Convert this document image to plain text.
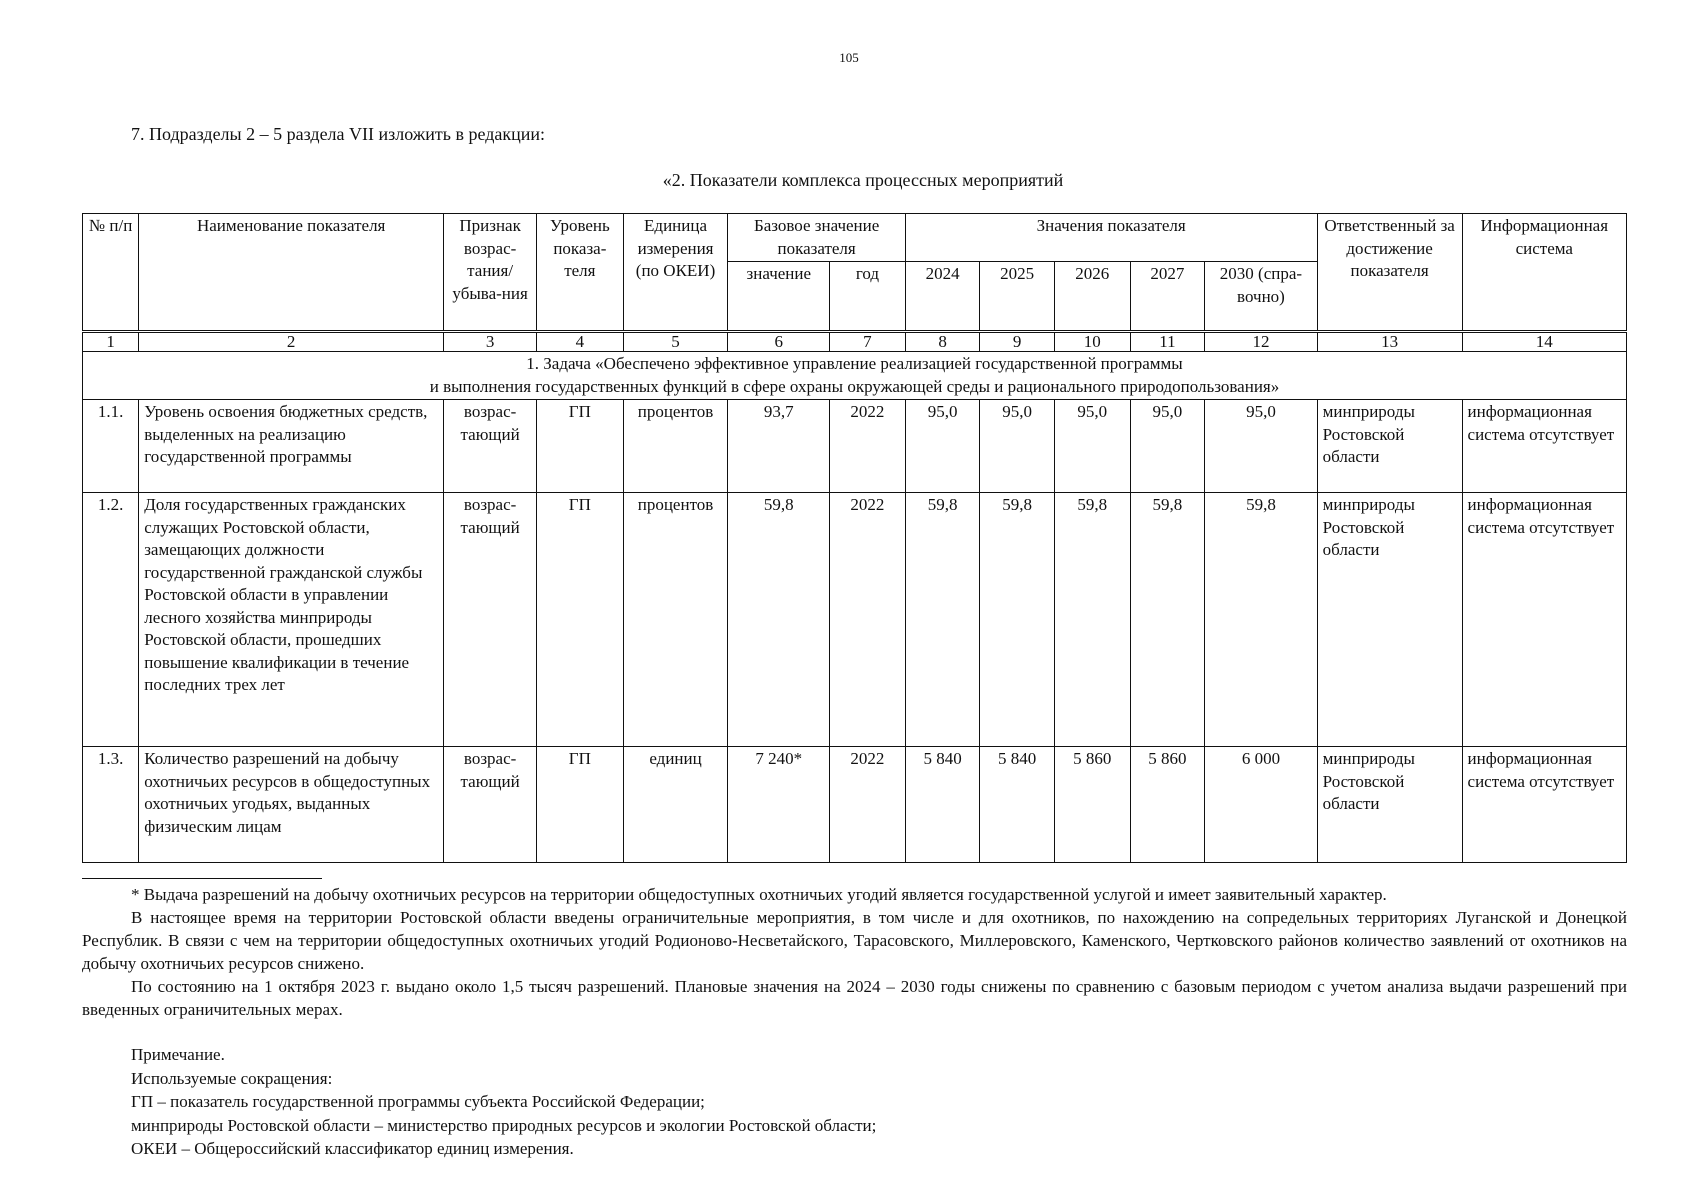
105
7. Подразделы 2 – 5 раздела VII изложить в редакции:
«2. Показатели комплекса процессных мероприятий
№ п/п	Наименование показателя	Признак возрас-тания/ убыва-ния	Уровень показа-теля	Единица измерения (по ОКЕИ)	Базовое значение показателя		Значения показателя					Ответственный за достижение показателя	Информационная система
					значение	год	2024	2025	2026	2027	2030 (спра-вочно)		
1	2	3	4	5	6	7	8	9	10	11	12	13	14

1. Задача «Обеспечено эффективное управление реализацией государственной программы
и выполнения государственных функций в сфере охраны окружающей среды и рационального природопользования»													

1.1.	Уровень освоения бюджетных средств, выделенных на реализацию государственной программы	возрас-тающий	ГП	процентов	93,7	2022	95,0	95,0	95,0	95,0	95,0	минприроды Ростовской области	информационная система отсутствует
1.2.	Доля государственных гражданских служащих Ростовской области, замещающих должности государственной гражданской службы Ростовской области в управлении лесного хозяйства минприроды Ростовской области, прошедших повышение квалификации в течение последних трех лет	возрас-тающий	ГП	процентов	59,8	2022	59,8	59,8	59,8	59,8	59,8	минприроды Ростовской области	информационная система отсутствует
1.3.	Количество разрешений на добычу охотничьих ресурсов в общедоступных охотничьих угодьях, выданных физическим лицам	возрас-тающий	ГП	единиц	7 240*	2022	5 840	5 840	5 860	5 860	6 000	минприроды Ростовской области	информационная система отсутствует

* Выдача разрешений на добычу охотничьих ресурсов на территории общедоступных охотничьих угодий является государственной услугой и имеет заявительный характер.

В настоящее время на территории Ростовской области введены ограничительные мероприятия, в том числе и для охотников, по нахождению на сопредельных территориях Луганской и Донецкой Республик. В связи с чем на территории общедоступных охотничьих угодий Родионово-Несветайского, Тарасовского, Миллеровского, Каменского, Чертковского районов количество заявлений от охотников на добычу охотничьих ресурсов снижено.

По состоянию на 1 октября 2023 г. выдано около 1,5 тысяч разрешений. Плановые значения на 2024 – 2030 годы снижены по сравнению с базовым периодом с учетом анализа выдачи разрешений при введенных ограничительных мерах.

Примечание.
Используемые сокращения:
ГП – показатель государственной программы субъекта Российской Федерации;
минприроды Ростовской области – министерство природных ресурсов и экологии Ростовской области;
ОКЕИ – Общероссийский классификатор единиц измерения.
